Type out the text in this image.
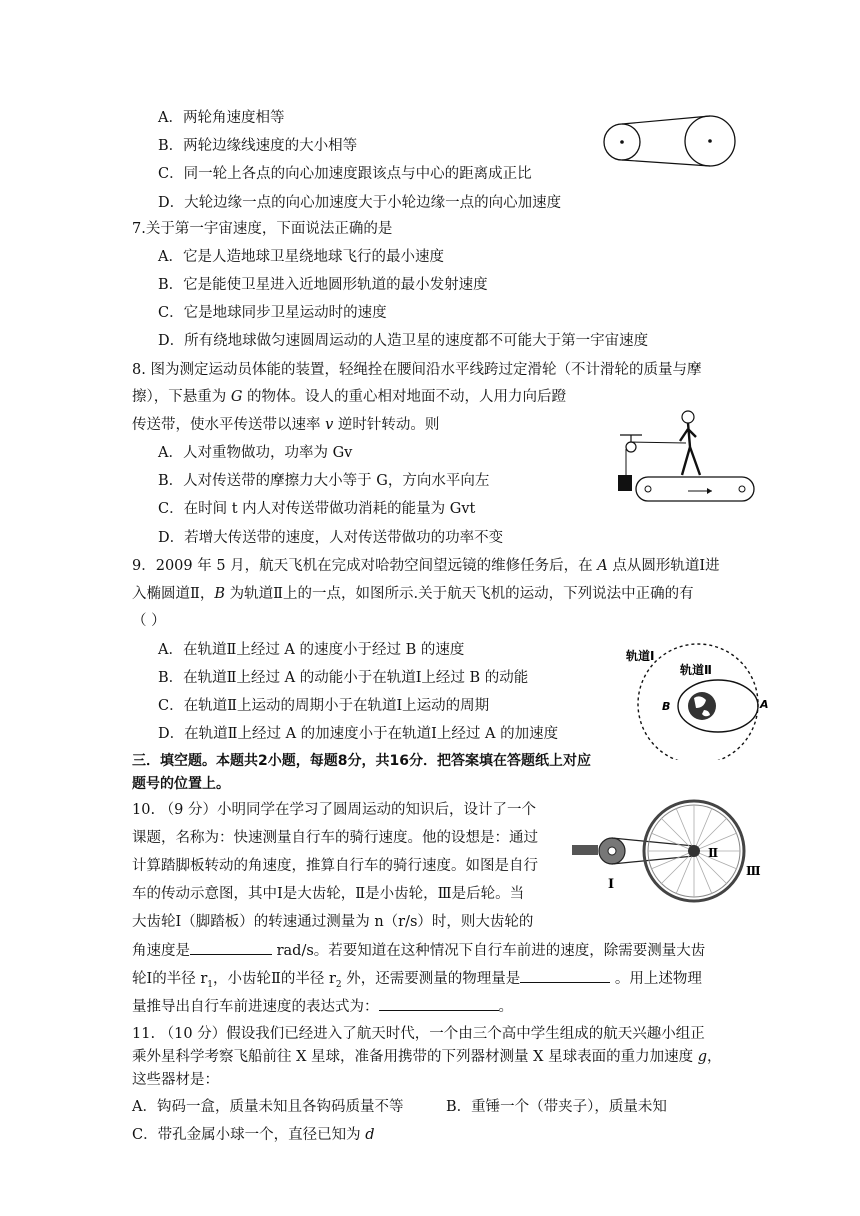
A．两轮角速度相等
B．两轮边缘线速度的大小相等
C．同一轮上各点的向心加速度跟该点与中心的距离成正比
D．大轮边缘一点的向心加速度大于小轮边缘一点的向心加速度
7.关于第一宇宙速度，下面说法正确的是
A．它是人造地球卫星绕地球飞行的最小速度
B．它是能使卫星进入近地圆形轨道的最小发射速度
C．它是地球同步卫星运动时的速度
D．所有绕地球做匀速圆周运动的人造卫星的速度都不可能大于第一宇宙速度
8. 图为测定运动员体能的装置，轻绳拴在腰间沿水平线跨过定滑轮（不计滑轮的质量与摩
擦），下悬重为 G 的物体。设人的重心相对地面不动，人用力向后蹬
传送带，使水平传送带以速率 v 逆时针转动。则
A．人对重物做功，功率为 Gv
B．人对传送带的摩擦力大小等于 G，方向水平向左
C．在时间 t 内人对传送带做功消耗的能量为 Gvt
D．若增大传送带的速度，人对传送带做功的功率不变
9．2009 年 5 月，航天飞机在完成对哈勃空间望远镜的维修任务后，在 A 点从圆形轨道Ⅰ进
入椭圆道Ⅱ，B 为轨道Ⅱ上的一点，如图所示.关于航天飞机的运动，下列说法中正确的有
（ ）
A．在轨道Ⅱ上经过 A 的速度小于经过 B 的速度
B．在轨道Ⅱ上经过 A 的动能小于在轨道Ⅰ上经过 B 的动能
C．在轨道Ⅱ上运动的周期小于在轨道Ⅰ上运动的周期
D．在轨道Ⅱ上经过 A 的加速度小于在轨道Ⅰ上经过 A 的加速度
轨道Ⅰ
轨道Ⅱ
B	A
三．填空题。本题共2小题，每题8分，共16分．把答案填在答题纸上对应
题号的位置上。
10. （9 分）小明同学在学习了圆周运动的知识后，设计了一个
课题，名称为：快速测量自行车的骑行速度。他的设想是：通过
计算踏脚板转动的角速度，推算自行车的骑行速度。如图是自行
车的传动示意图，其中Ⅰ是大齿轮，Ⅱ是小齿轮，Ⅲ是后轮。当
大齿轮Ⅰ（脚踏板）的转速通过测量为 n（r/s）时，则大齿轮的
角速度是	rad/s。若要知道在这种情况下自行车前进的速度，除需要测量大齿
轮Ⅰ的半径 $r_1$，小齿轮Ⅱ的半径 $r_2$ 外，还需要测量的物理量是	。用上述物理
量推导出自行车前进速度的表达式为：	。
Ⅰ
Ⅱ
Ⅲ
11. （10 分）假设我们已经进入了航天时代，一个由三个高中学生组成的航天兴趣小组正
乘外星科学考察飞船前往 X 星球，准备用携带的下列器材测量 X 星球表面的重力加速度 g，
这些器材是：
A．钩码一盒，质量未知且各钩码质量不等	B．重锤一个（带夹子），质量未知
C．带孔金属小球一个，直径已知为 d
